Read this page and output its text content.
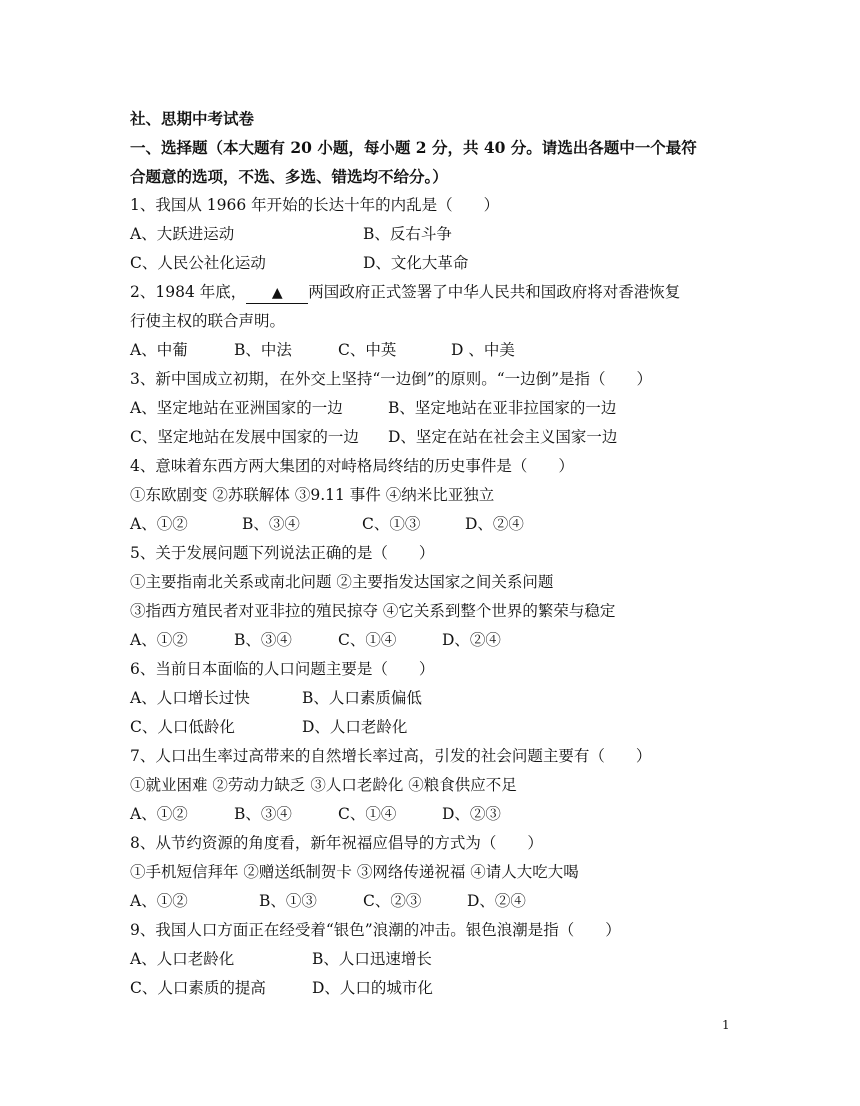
社、思期中考试卷
一、选择题（本大题有 20 小题，每小题 2 分，共 40 分。请选出各题中一个最符
合题意的选项，不选、多选、错选均不给分。）
1、我国从 1966 年开始的长达十年的内乱是（　　）
A、大跃进运动	B、反右斗争
C、人民公社化运动	D、文化大革命
2、1984 年底， ▲ 两国政府正式签署了中华人民共和国政府将对香港恢复
行使主权的联合声明。
A、中葡	B、中法	C、中英	D 、中美
3、新中国成立初期，在外交上坚持“一边倒”的原则。“一边倒”是指（　　）
A、坚定地站在亚洲国家的一边	B、坚定地站在亚非拉国家的一边
C、坚定地站在发展中国家的一边 D、坚定在站在社会主义国家一边
4、意味着东西方两大集团的对峙格局终结的历史事件是（　　）
①东欧剧变 ②苏联解体 ③9.11 事件 ④纳米比亚独立
A、①②	B、③④	C、①③	D、②④
5、关于发展问题下列说法正确的是（　　）
①主要指南北关系或南北问题 ②主要指发达国家之间关系问题
③指西方殖民者对亚非拉的殖民掠夺 ④它关系到整个世界的繁荣与稳定
A、①②	B、③④	C、①④	D、②④
6、当前日本面临的人口问题主要是（　　）
A、人口增长过快	B、人口素质偏低
C、人口低龄化	D、人口老龄化
7、人口出生率过高带来的自然增长率过高，引发的社会问题主要有（　　）
①就业困难 ②劳动力缺乏 ③人口老龄化 ④粮食供应不足
A、①②	B、③④	C、①④	D、②③
8、从节约资源的角度看，新年祝福应倡导的方式为（　　）
①手机短信拜年 ②赠送纸制贺卡 ③网络传递祝福 ④请人大吃大喝
A、①②	B、①③	C、②③	D、②④
9、我国人口方面正在经受着“银色”浪潮的冲击。银色浪潮是指（　　）
A、人口老龄化	B、人口迅速增长
C、人口素质的提高	D、人口的城市化
1
